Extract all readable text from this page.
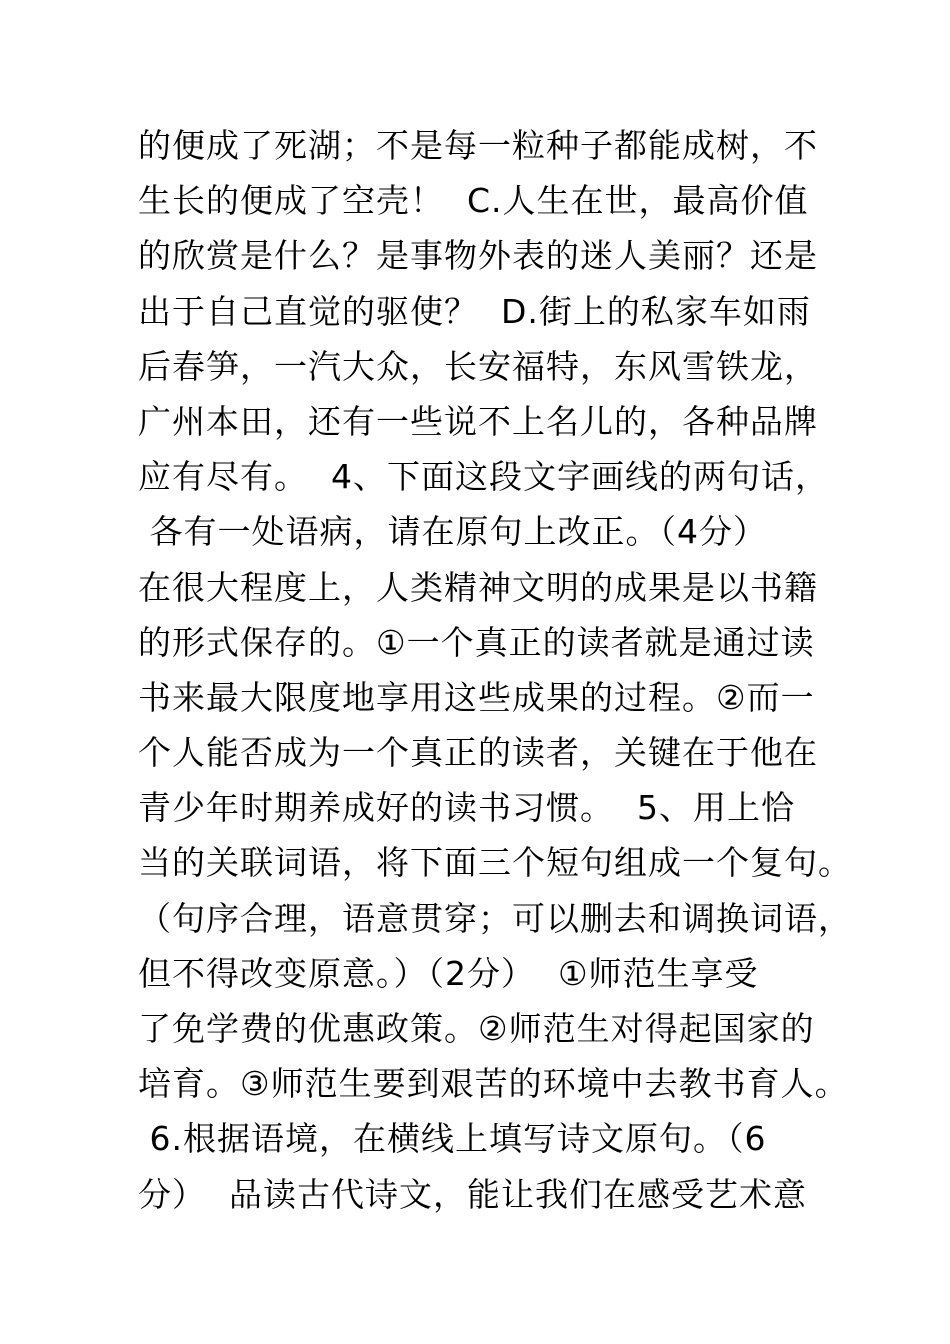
的便成了死湖；不是每一粒种子都能成树，不
生长的便成了空壳！  C.人生在世，最高价值
的欣赏是什么？是事物外表的迷人美丽？还是
出于自己直觉的驱使？  D.街上的私家车如雨
后春笋，一汽大众，长安福特，东风雪铁龙，
广州本田，还有一些说不上名儿的，各种品牌
应有尽有。  4、下面这段文字画线的两句话，
各有一处语病，请在原句上改正。（4分）
在很大程度上，人类精神文明的成果是以书籍
的形式保存的。①一个真正的读者就是通过读
书来最大限度地享用这些成果的过程。②而一
个人能否成为一个真正的读者，关键在于他在
青少年时期养成好的读书习惯。  5、用上恰
当的关联词语，将下面三个短句组成一个复句。
（句序合理，语意贯穿；可以删去和调换词语，
但不得改变原意。）（2分）  ①师范生享受
了免学费的优惠政策。②师范生对得起国家的
培育。③师范生要到艰苦的环境中去教书育人。
6.根据语境，在横线上填写诗文原句。（6
分）  品读古代诗文，能让我们在感受艺术意
